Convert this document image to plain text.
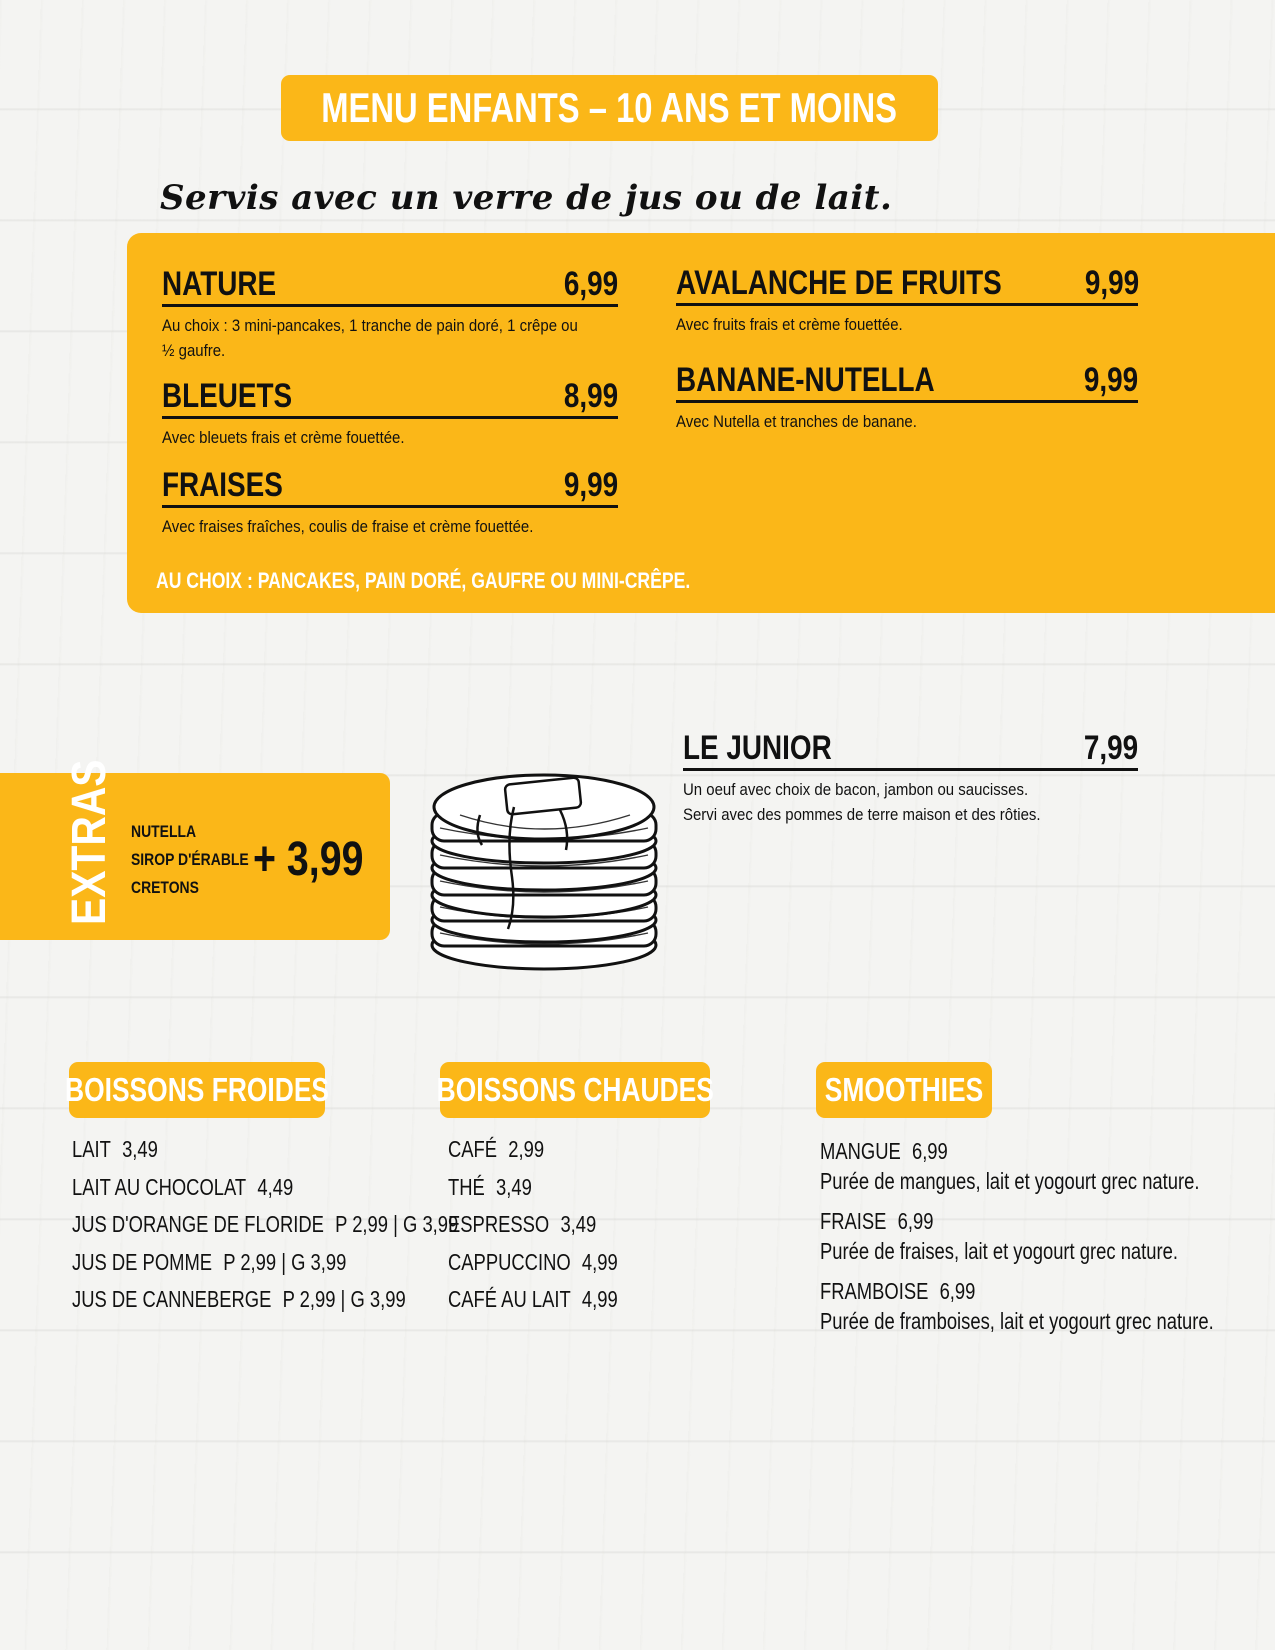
MENU ENFANTS – 10 ANS ET MOINS
Servis avec un verre de jus ou de lait.
NATURE	6,99
Au choix : 3 mini-pancakes, 1 tranche de pain doré, 1 crêpe ou
½ gaufre.
BLEUETS	8,99
Avec bleuets frais et crème fouettée.
FRAISES	9,99
Avec fraises fraîches, coulis de fraise et crème fouettée.
AVALANCHE DE FRUITS 9,99
Avec fruits frais et crème fouettée.
BANANE-NUTELLA	9,99
Avec Nutella et tranches de banane.
AU CHOIX : PANCAKES, PAIN DORÉ, GAUFRE OU MINI-CRÊPE.
LE JUNIOR	7,99
Un oeuf avec choix de bacon, jambon ou saucisses.
Servi avec des pommes de terre maison et des rôties.
EXTRAS NUTELLA
SIROP D'ÉRABLE
CRETONS
+ 3,99
BOISSONS FROIDES
LAIT 3,49
LAIT AU CHOCOLAT 4,49
JUS D'ORANGE DE FLORIDE P 2,99 | G 3,99
JUS DE POMME P 2,99 | G 3,99
JUS DE CANNEBERGE P 2,99 | G 3,99
BOISSONS CHAUDES
CAFÉ 2,99
THÉ 3,49
ESPRESSO 3,49
CAPPUCCINO 4,99
CAFÉ AU LAIT 4,99
SMOOTHIES
MANGUE 6,99
Purée de mangues, lait et yogourt grec nature.
FRAISE 6,99
Purée de fraises, lait et yogourt grec nature.
FRAMBOISE 6,99
Purée de framboises, lait et yogourt grec nature.
